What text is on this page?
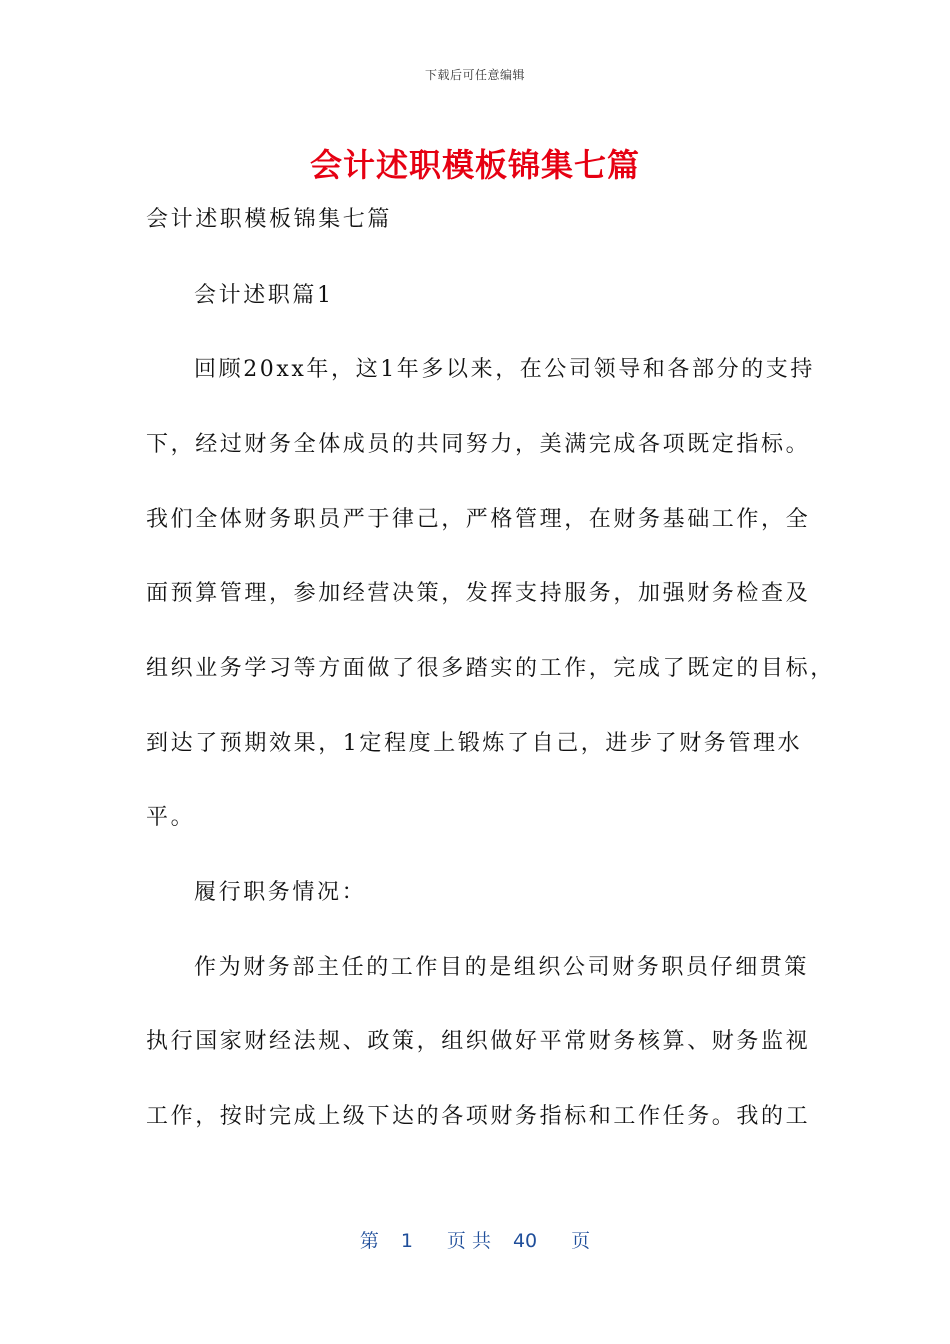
下载后可任意编辑
会计述职模板锦集七篇
会计述职模板锦集七篇
会计述职篇1
回顾20xx年，这1年多以来，在公司领导和各部分的支持
下，经过财务全体成员的共同努力，美满完成各项既定指标。
我们全体财务职员严于律己，严格管理，在财务基础工作，全
面预算管理，参加经营决策，发挥支持服务，加强财务检查及
组织业务学习等方面做了很多踏实的工作，完成了既定的目标，
到达了预期效果，1定程度上锻炼了自己，进步了财务管理水
平。
履行职务情况：
作为财务部主任的工作目的是组织公司财务职员仔细贯策
执行国家财经法规、政策，组织做好平常财务核算、财务监视
工作，按时完成上级下达的各项财务指标和工作任务。我的工
第 1 页 共 40 页
